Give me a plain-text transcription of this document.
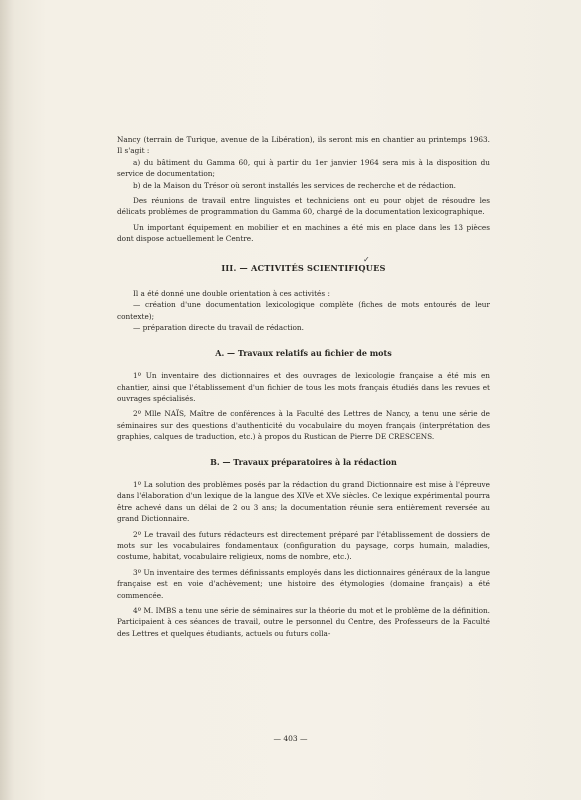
Nancy (terrain de Turique, avenue de la Libération), ils seront mis en chantier au printemps 1963. Il s'agit :

a) du bâtiment du Gamma 60, qui à partir du 1er janvier 1964 sera mis à la disposition du service de documentation;

b) de la Maison du Trésor où seront installés les services de recherche et de rédaction.

Des réunions de travail entre linguistes et techniciens ont eu pour objet de résoudre les délicats problèmes de programmation du Gamma 60, chargé de la documentation lexicographique.

Un important équipement en mobilier et en machines a été mis en place dans les 13 pièces dont dispose actuellement le Centre.

✓
III. — ACTIVITÉS SCIENTIFIQUES

Il a été donné une double orientation à ces activités :

— création d'une documentation lexicologique complète (fiches de mots entourés de leur contexte);

— préparation directe du travail de rédaction.

A. — Travaux relatifs au fichier de mots

1º Un inventaire des dictionnaires et des ouvrages de lexicologie française a été mis en chantier, ainsi que l'établissement d'un fichier de tous les mots français étudiés dans les revues et ouvrages spécialisés.

2º Mlle NAÏS, Maître de conférences à la Faculté des Lettres de Nancy, a tenu une série de séminaires sur des questions d'authenticité du vocabulaire du moyen français (interprétation des graphies, calques de traduction, etc.) à propos du Rustican de Pierre DE CRESCENS.

B. — Travaux préparatoires à la rédaction

1º La solution des problèmes posés par la rédaction du grand Dictionnaire est mise à l'épreuve dans l'élaboration d'un lexique de la langue des XIVe et XVe siècles. Ce lexique expérimental pourra être achevé dans un délai de 2 ou 3 ans; la documentation réunie sera entièrement reversée au grand Dictionnaire.

2º Le travail des futurs rédacteurs est directement préparé par l'établissement de dossiers de mots sur les vocabulaires fondamentaux (configuration du paysage, corps humain, maladies, costume, habitat, vocabulaire religieux, noms de nombre, etc.).

3º Un inventaire des termes définissants employés dans les dictionnaires généraux de la langue française est en voie d'achèvement; une histoire des étymologies (domaine français) a été commencée.

4º M. IMBS a tenu une série de séminaires sur la théorie du mot et le problème de la définition. Participaient à ces séances de travail, outre le personnel du Centre, des Professeurs de la Faculté des Lettres et quelques étudiants, actuels ou futurs colla-

— 403 —
